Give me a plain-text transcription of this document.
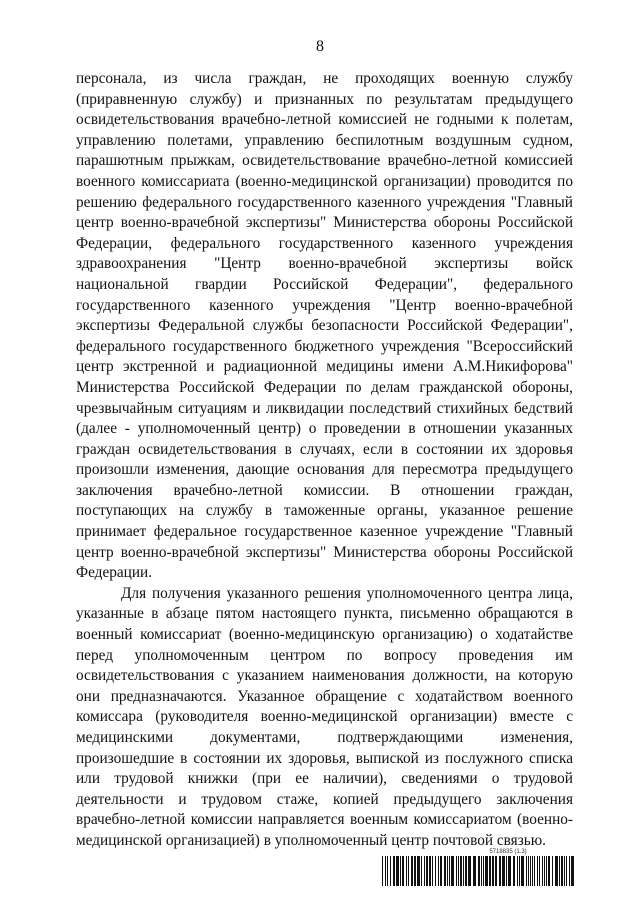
8

персонала, из числа граждан, не проходящих военную службу (приравненную службу) и признанных по результатам предыдущего освидетельствования врачебно-летной комиссией не годными к полетам, управлению полетами, управлению беспилотным воздушным судном, парашютным прыжкам, освидетельствование врачебно-летной комиссией военного комиссариата (военно-медицинской организации) проводится по решению федерального государственного казенного учреждения "Главный центр военно-врачебной экспертизы" Министерства обороны Российской Федерации, федерального государственного казенного учреждения здравоохранения "Центр военно-врачебной экспертизы войск национальной гвардии Российской Федерации", федерального государственного казенного учреждения "Центр военно-врачебной экспертизы Федеральной службы безопасности Российской Федерации", федерального государственного бюджетного учреждения "Всероссийский центр экстренной и радиационной медицины имени А.М.Никифорова" Министерства Российской Федерации по делам гражданской обороны, чрезвычайным ситуациям и ликвидации последствий стихийных бедствий (далее - уполномоченный центр) о проведении в отношении указанных граждан освидетельствования в случаях, если в состоянии их здоровья произошли изменения, дающие основания для пересмотра предыдущего заключения врачебно-летной комиссии. В отношении граждан, поступающих на службу в таможенные органы, указанное решение принимает федеральное государственное казенное учреждение "Главный центр военно-врачебной экспертизы" Министерства обороны Российской Федерации.

Для получения указанного решения уполномоченного центра лица, указанные в абзаце пятом настоящего пункта, письменно обращаются в военный комиссариат (военно-медицинскую организацию) о ходатайстве перед уполномоченным центром по вопросу проведения им освидетельствования с указанием наименования должности, на которую они предназначаются. Указанное обращение с ходатайством военного комиссара (руководителя военно-медицинской организации) вместе с медицинскими документами, подтверждающими изменения, произошедшие в состоянии их здоровья, выпиской из послужного списка или трудовой книжки (при ее наличии), сведениями о трудовой деятельности и трудовом стаже, копией предыдущего заключения врачебно-летной комиссии направляется военным комиссариатом (военно-медицинской организацией) в уполномоченный центр почтовой связью.

5718835 (1.3)
